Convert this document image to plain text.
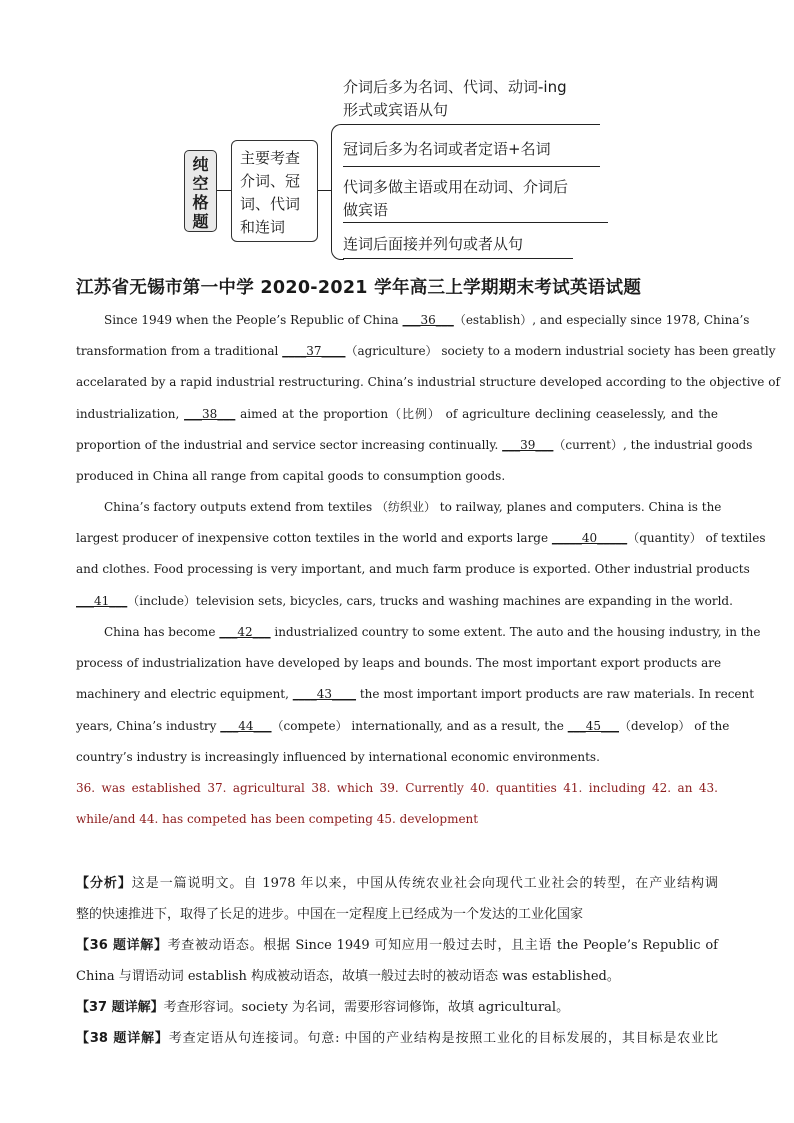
纯空格题
主要考查
介词、冠
词、代词
和连词
介词后多为名词、代词、动词-ing
形式或宾语从句
冠词后多为名词或者定语+名词
代词多做主语或用在动词、介词后
做宾语
连词后面接并列句或者从句
江苏省无锡市第一中学 2020-2021 学年高三上学期期末考试英语试题
Since 1949 when the People’s Republic of China ___36___（establish）, and especially since 1978, China’s
transformation from a traditional ____37____（agriculture） society to a modern industrial society has been greatly
accelarated by a rapid industrial restructuring. China’s industrial structure developed according to the objective of
industrialization, ___38___ aimed at the proportion（比例） of agriculture declining ceaselessly, and the
proportion of the industrial and service sector increasing continually. ___39___（current）, the industrial goods
produced in China all range from capital goods to consumption goods.
China’s factory outputs extend from textiles （纺织业） to railway, planes and computers. China is the
largest producer of inexpensive cotton textiles in the world and exports large _____40_____（quantity） of textiles
and clothes. Food processing is very important, and much farm produce is exported. Other industrial products
___41___（include）television sets, bicycles, cars, trucks and washing machines are expanding in the world.
China has become ___42___ industrialized country to some extent. The auto and the housing industry, in the
process of industrialization have developed by leaps and bounds. The most important export products are
machinery and electric equipment, ____43____ the most important import products are raw materials. In recent
years, China’s industry ___44___（compete） internationally, and as a result, the ___45___（develop） of the
country’s industry is increasingly influenced by international economic environments.
36. was established 37. agricultural 38. which 39. Currently 40. quantities 41. including 42. an 43.
while/and 44. has competed has been competing 45. development
【分析】这是一篇说明文。自 1978 年以来，中国从传统农业社会向现代工业社会的转型，在产业结构调
整的快速推进下，取得了长足的进步。中国在一定程度上已经成为一个发达的工业化国家
【36 题详解】考查被动语态。根据 Since 1949 可知应用一般过去时，且主语 the People’s Republic of
China 与谓语动词 establish 构成被动语态，故填一般过去时的被动语态 was established。
【37 题详解】考查形容词。society 为名词，需要形容词修饰，故填 agricultural。
【38 题详解】考查定语从句连接词。句意: 中国的产业结构是按照工业化的目标发展的，其目标是农业比
